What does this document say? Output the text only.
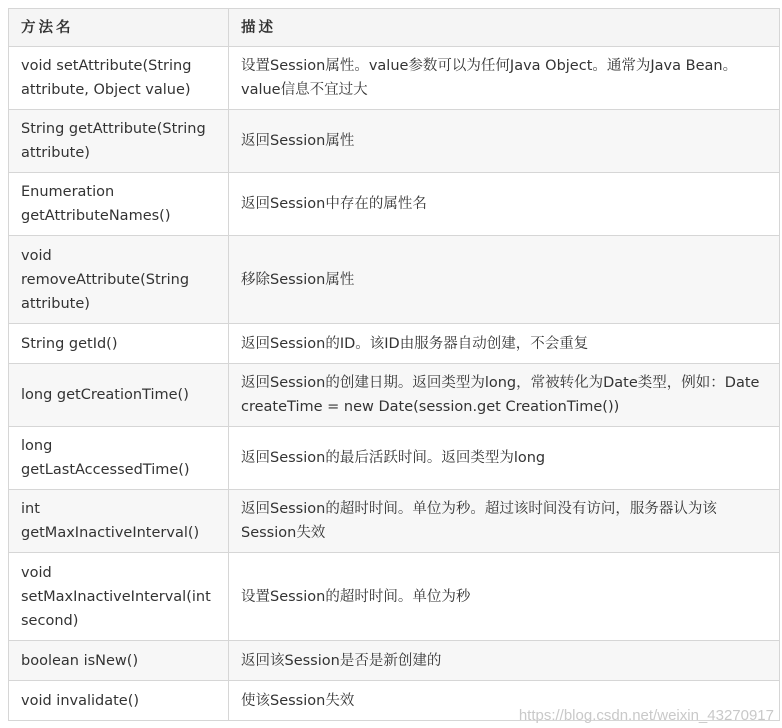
方法名	描述
void setAttribute(String attribute, Object value)	设置Session属性。value参数可以为任何Java Object。通常为Java Bean。value信息不宜过大
String getAttribute(String attribute)	返回Session属性
Enumeration getAttributeNames()	返回Session中存在的属性名
void removeAttribute(String attribute)	移除Session属性
String getId()	返回Session的ID。该ID由服务器自动创建，不会重复
long getCreationTime()	返回Session的创建日期。返回类型为long，常被转化为Date类型，例如：Date createTime = new Date(session.get CreationTime())
long getLastAccessedTime()	返回Session的最后活跃时间。返回类型为long
int getMaxInactiveInterval()	返回Session的超时时间。单位为秒。超过该时间没有访问，服务器认为该Session失效
void setMaxInactiveInterval(int second)	设置Session的超时时间。单位为秒
boolean isNew()	返回该Session是否是新创建的
void invalidate()	使该Session失效
https://blog.csdn.net/weixin_43270917
